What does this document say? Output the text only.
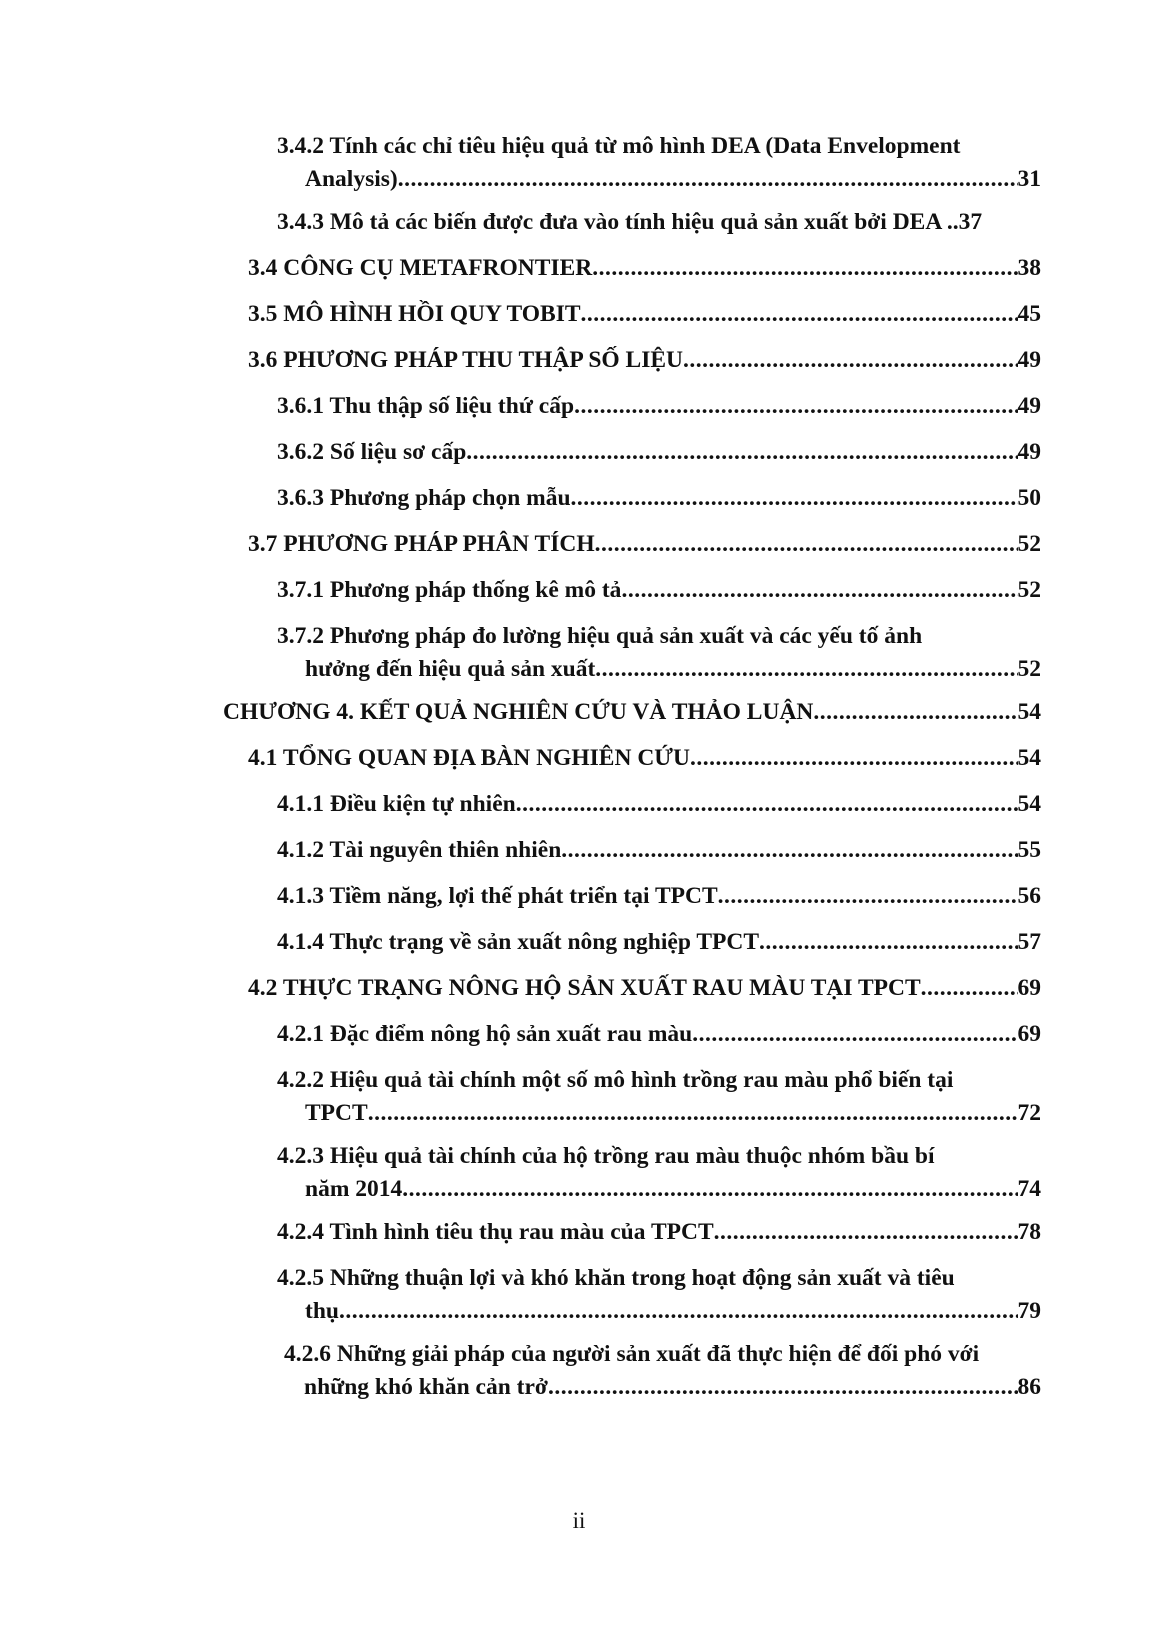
3.4.2 Tính các chỉ tiêu hiệu quả từ mô hình DEA (Data Envelopment
Analysis) .....	31
3.4.3 Mô tả các biến được đưa vào tính hiệu quả sản xuất bởi DEA .. 37
3.4 CÔNG CỤ METAFRONTIER .....	38
3.5 MÔ HÌNH HỒI QUY TOBIT .....	45
3.6 PHƯƠNG PHÁP THU THẬP SỐ LIỆU .....	49
3.6.1 Thu thập số liệu thứ cấp .....	49
3.6.2 Số liệu sơ cấp .....	49
3.6.3 Phương pháp chọn mẫu .....	50
3.7 PHƯƠNG PHÁP PHÂN TÍCH .....	52
3.7.1 Phương pháp thống kê mô tả .....	52
3.7.2 Phương pháp đo lường hiệu quả sản xuất và các yếu tố ảnh
hưởng đến hiệu quả sản xuất .....	52
CHƯƠNG 4. KẾT QUẢ NGHIÊN CỨU VÀ THẢO LUẬN .....	54
4.1 TỔNG QUAN ĐỊA BÀN NGHIÊN CỨU .....	54
4.1.1 Điều kiện tự nhiên .....	54
4.1.2 Tài nguyên thiên nhiên .....	55
4.1.3 Tiềm năng, lợi thế phát triển tại TPCT .....	56
4.1.4 Thực trạng về sản xuất nông nghiệp TPCT .....	57
4.2 THỰC TRẠNG NÔNG HỘ SẢN XUẤT RAU MÀU TẠI TPCT .....	69
4.2.1 Đặc điểm nông hộ sản xuất rau màu .....	69
4.2.2 Hiệu quả tài chính một số mô hình trồng rau màu phổ biến tại
TPCT .....	72
4.2.3 Hiệu quả tài chính của hộ trồng rau màu thuộc nhóm bầu bí
năm 2014 .....	74
4.2.4 Tình hình tiêu thụ rau màu của TPCT .....	78
4.2.5 Những thuận lợi và khó khăn trong hoạt động sản xuất và tiêu
thụ .....	79
4.2.6 Những giải pháp của người sản xuất đã thực hiện để đối phó với
những khó khăn cản trở .....	86
ii
